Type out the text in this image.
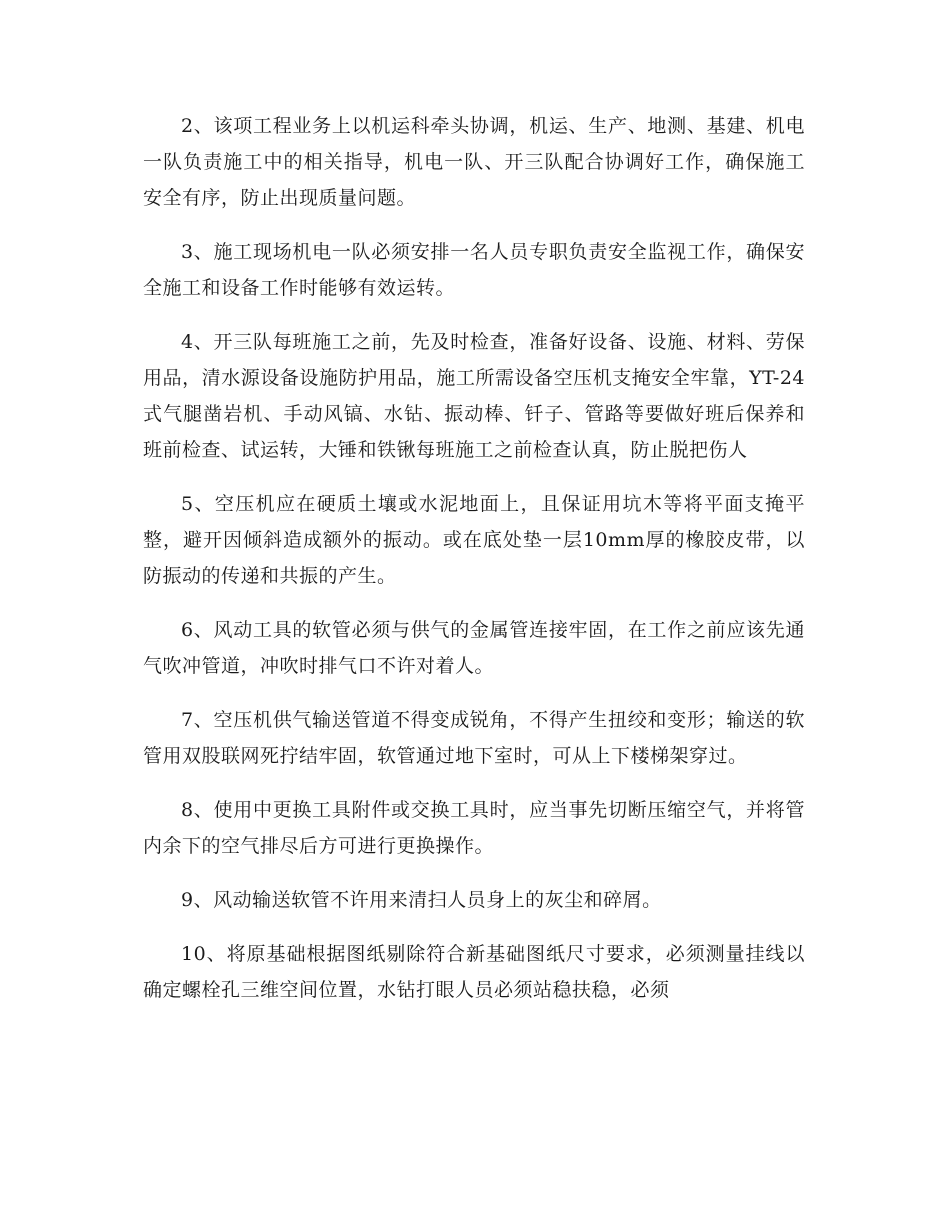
2、该项工程业务上以机运科牵头协调，机运、生产、地测、基建、机电一队负责施工中的相关指导，机电一队、开三队配合协调好工作，确保施工安全有序，防止出现质量问题。

3、施工现场机电一队必须安排一名人员专职负责安全监视工作，确保安全施工和设备工作时能够有效运转。

4、开三队每班施工之前，先及时检查，准备好设备、设施、材料、劳保用品，清水源设备设施防护用品，施工所需设备空压机支掩安全牢靠，YT-24式气腿凿岩机、手动风镐、水钻、振动棒、钎子、管路等要做好班后保养和班前检查、试运转，大锤和铁锹每班施工之前检查认真，防止脱把伤人

5、空压机应在硬质土壤或水泥地面上，且保证用坑木等将平面支掩平整，避开因倾斜造成额外的振动。或在底处垫一层10mm厚的橡胶皮带，以防振动的传递和共振的产生。

6、风动工具的软管必须与供气的金属管连接牢固，在工作之前应该先通气吹冲管道，冲吹时排气口不许对着人。

7、空压机供气输送管道不得变成锐角，不得产生扭绞和变形；输送的软管用双股联网死拧结牢固，软管通过地下室时，可从上下楼梯架穿过。

8、使用中更换工具附件或交换工具时，应当事先切断压缩空气，并将管内余下的空气排尽后方可进行更换操作。

9、风动输送软管不许用来清扫人员身上的灰尘和碎屑。

10、将原基础根据图纸剔除符合新基础图纸尺寸要求，必须测量挂线以确定螺栓孔三维空间位置，水钻打眼人员必须站稳扶稳，必须
